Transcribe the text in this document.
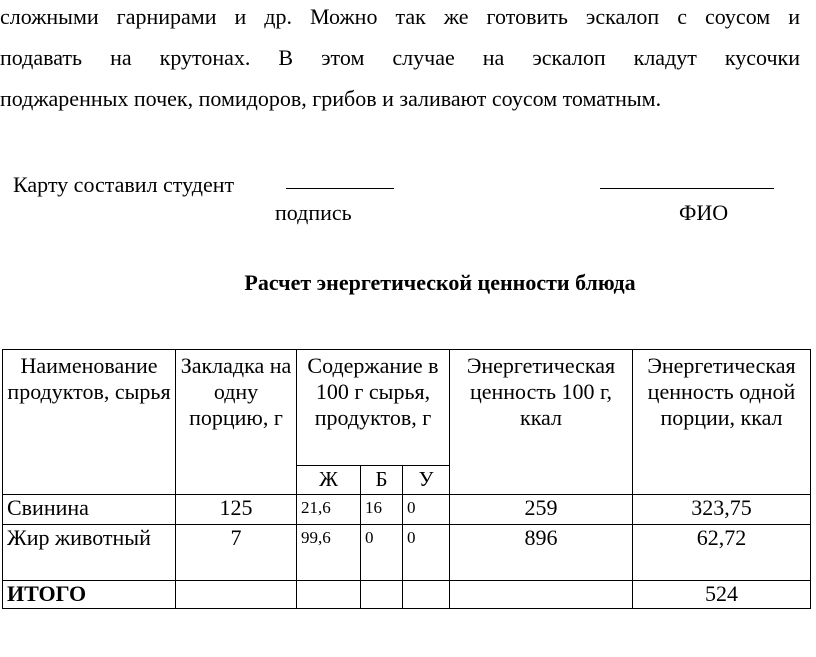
сложными гарнирами и др. Можно так же готовить эскалоп с соусом и
подавать на крутонах. В этом случае на эскалоп кладут кусочки
поджаренных почек, помидоров, грибов и заливают соусом томатным.
Карту составил студент
подпись	ФИО
Расчет энергетической ценности блюда
Наименование продуктов, сырья	Закладка на одну порцию, г	Содержание в 100 г сырья, продуктов, г			Энергетическая ценность 100 г, ккал	Энергетическая ценность одной порции, ккал
		Ж	Б	У		
Свинина	125	21,6	16	0	259	323,75
Жир животный	7	99,6	0	0	896	62,72
ИТОГО						524
